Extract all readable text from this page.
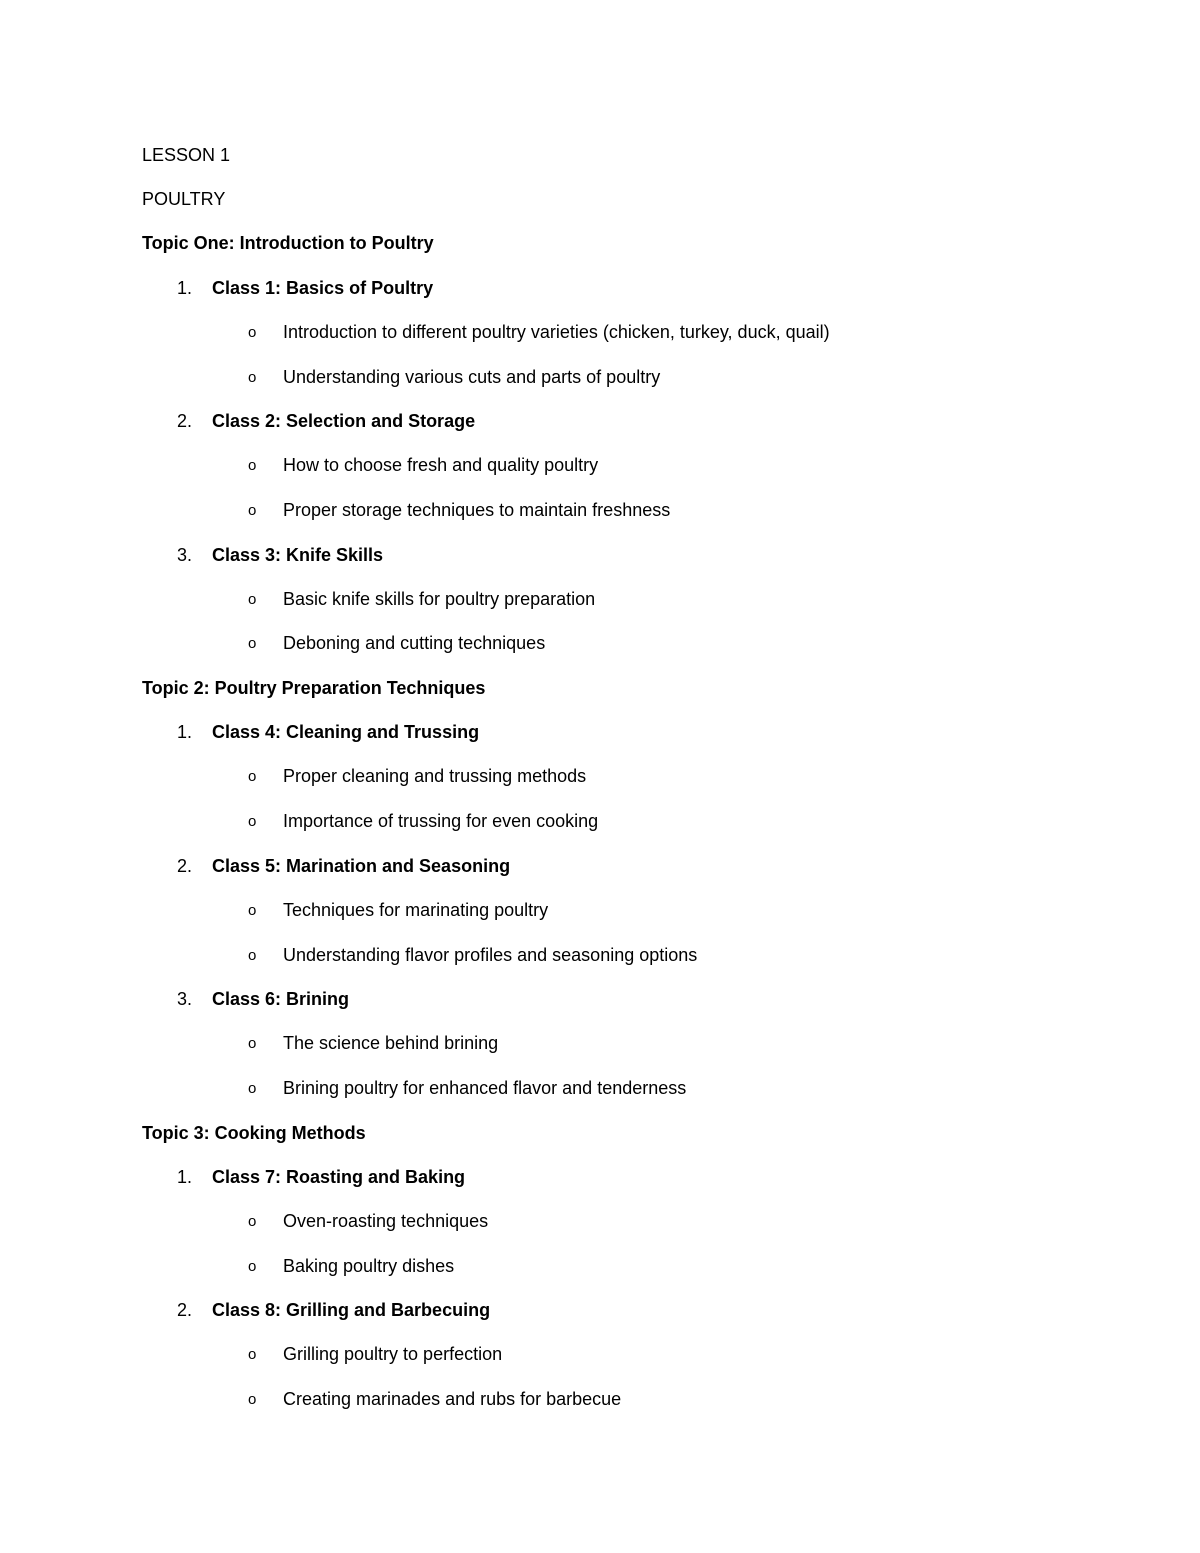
LESSON 1
POULTRY
Topic One: Introduction to Poultry
1. Class 1: Basics of Poultry
o Introduction to different poultry varieties (chicken, turkey, duck, quail)
o Understanding various cuts and parts of poultry
2. Class 2: Selection and Storage
o How to choose fresh and quality poultry
o Proper storage techniques to maintain freshness
3. Class 3: Knife Skills
o Basic knife skills for poultry preparation
o Deboning and cutting techniques
Topic 2: Poultry Preparation Techniques
1. Class 4: Cleaning and Trussing
o Proper cleaning and trussing methods
o Importance of trussing for even cooking
2. Class 5: Marination and Seasoning
o Techniques for marinating poultry
o Understanding flavor profiles and seasoning options
3. Class 6: Brining
o The science behind brining
o Brining poultry for enhanced flavor and tenderness
Topic 3: Cooking Methods
1. Class 7: Roasting and Baking
o Oven-roasting techniques
o Baking poultry dishes
2. Class 8: Grilling and Barbecuing
o Grilling poultry to perfection
o Creating marinades and rubs for barbecue
